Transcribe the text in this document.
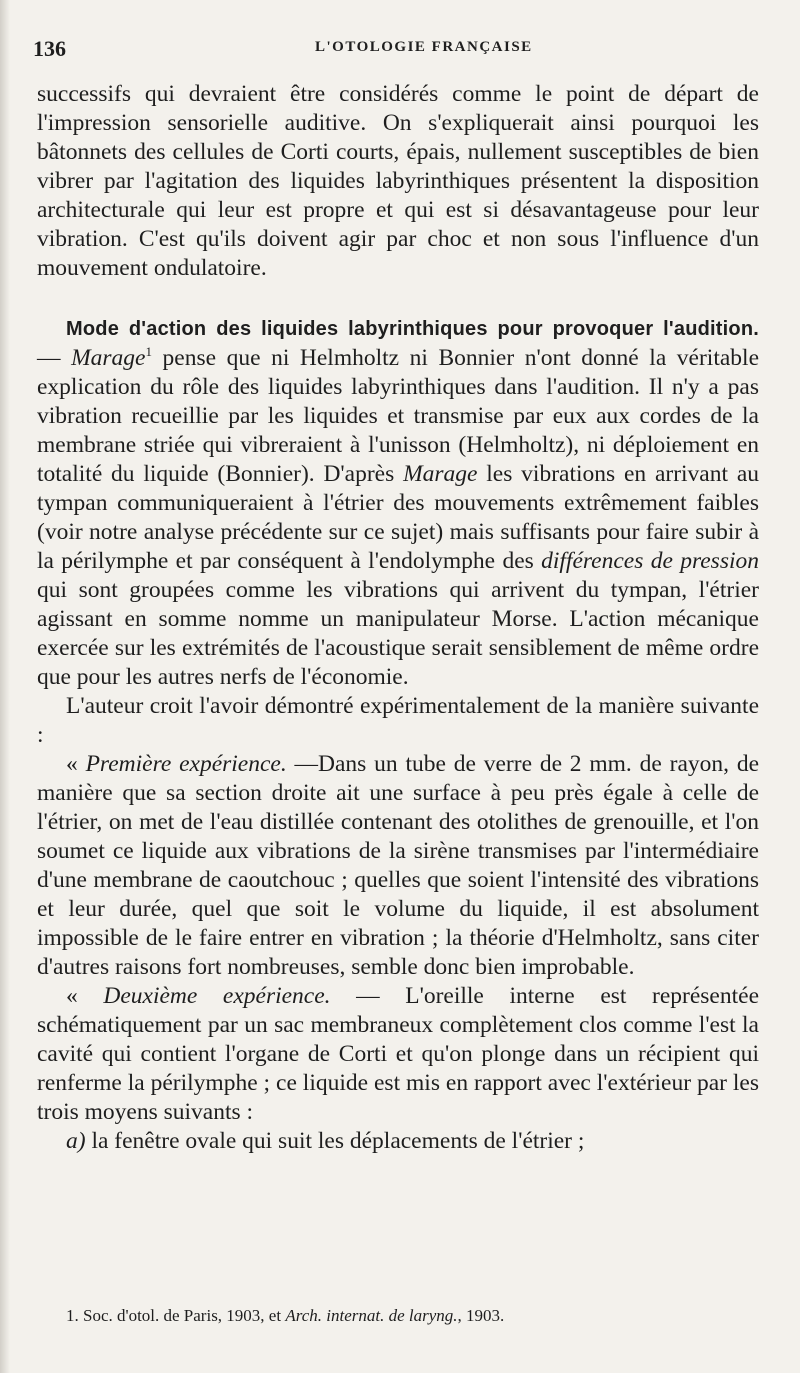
136	L'OTOLOGIE FRANÇAISE

successifs qui devraient être considérés comme le point de départ de l'impression sensorielle auditive. On s'expliquerait ainsi pourquoi les bâtonnets des cellules de Corti courts, épais, nullement susceptibles de bien vibrer par l'agitation des liquides labyrinthiques présentent la disposition architecturale qui leur est propre et qui est si désavantageuse pour leur vibration. C'est qu'ils doivent agir par choc et non sous l'influence d'un mouvement ondulatoire.

Mode d'action des liquides labyrinthiques pour provoquer l'audition. — Marage$^1$ pense que ni Helmholtz ni Bonnier n'ont donné la véritable explication du rôle des liquides labyrinthiques dans l'audition. Il n'y a pas vibration recueillie par les liquides et transmise par eux aux cordes de la membrane striée qui vibreraient à l'unisson (Helmholtz), ni déploiement en totalité du liquide (Bonnier). D'après Marage les vibrations en arrivant au tympan communiqueraient à l'étrier des mouvements extrêmement faibles (voir notre analyse précédente sur ce sujet) mais suffisants pour faire subir à la périlymphe et par conséquent à l'endolymphe des différences de pression qui sont groupées comme les vibrations qui arrivent du tympan, l'étrier agissant en somme nomme un manipulateur Morse. L'action mécanique exercée sur les extrémités de l'acoustique serait sensiblement de même ordre que pour les autres nerfs de l'économie.

L'auteur croit l'avoir démontré expérimentalement de la manière suivante :

« Première expérience. —Dans un tube de verre de 2 mm. de rayon, de manière que sa section droite ait une surface à peu près égale à celle de l'étrier, on met de l'eau distillée contenant des otolithes de grenouille, et l'on soumet ce liquide aux vibrations de la sirène transmises par l'intermédiaire d'une membrane de caoutchouc ; quelles que soient l'intensité des vibrations et leur durée, quel que soit le volume du liquide, il est absolument impossible de le faire entrer en vibration ; la théorie d'Helmholtz, sans citer d'autres raisons fort nombreuses, semble donc bien improbable.

« Deuxième expérience. — L'oreille interne est représentée schématiquement par un sac membraneux complètement clos comme l'est la cavité qui contient l'organe de Corti et qu'on plonge dans un récipient qui renferme la périlymphe ; ce liquide est mis en rapport avec l'extérieur par les trois moyens suivants :

a) la fenêtre ovale qui suit les déplacements de l'étrier ;

1. Soc. d'otol. de Paris, 1903, et Arch. internat. de laryng., 1903.
